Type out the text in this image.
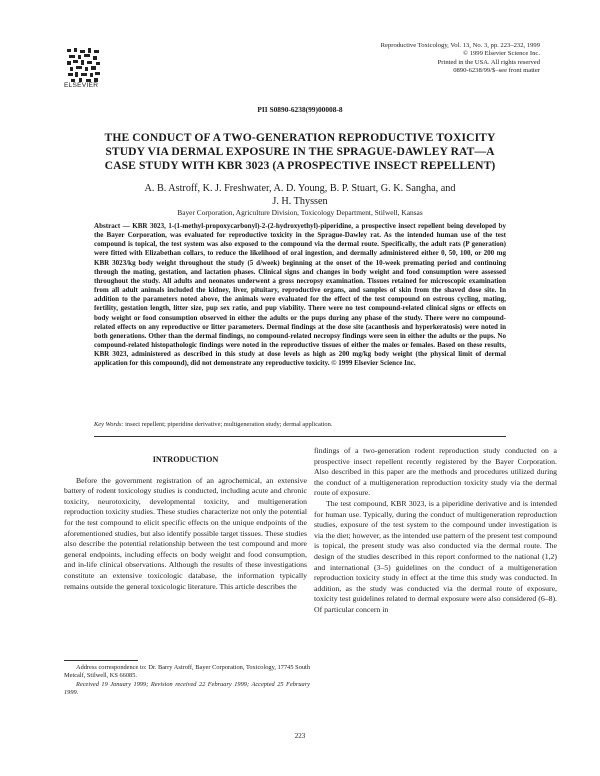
ELSEVIER
Reproductive Toxicology, Vol. 13, No. 3, pp. 223–232, 1999
© 1999 Elsevier Science Inc.
Printed in the USA. All rights reserved
0890-6238/99/$–see front matter
PII S0890-6238(99)00008-8
THE CONDUCT OF A TWO-GENERATION REPRODUCTIVE TOXICITY
STUDY VIA DERMAL EXPOSURE IN THE SPRAGUE-DAWLEY RAT—A
CASE STUDY WITH KBR 3023 (A PROSPECTIVE INSECT REPELLENT)
A. B. Astroff, K. J. Freshwater, A. D. Young, B. P. Stuart, G. K. Sangha, and
J. H. Thyssen
Bayer Corporation, Agriculture Division, Toxicology Department, Stilwell, Kansas
Abstract — KBR 3023, 1-(1-methyl-propoxycarbonyl)-2-(2-hydroxyethyl)-piperidine, a prospective insect repellent being developed by the Bayer Corporation, was evaluated for reproductive toxicity in the Sprague-Dawley rat. As the intended human use of the test compound is topical, the test system was also exposed to the compound via the dermal route. Specifically, the adult rats (P generation) were fitted with Elizabethan collars, to reduce the likelihood of oral ingestion, and dermally administered either 0, 50, 100, or 200 mg KBR 3023/kg body weight throughout the study (5 d/week) beginning at the onset of the 10-week premating period and continuing through the mating, gestation, and lactation phases. Clinical signs and changes in body weight and food consumption were assessed throughout the study. All adults and neonates underwent a gross necropsy examination. Tissues retained for microscopic examination from all adult animals included the kidney, liver, pituitary, reproductive organs, and samples of skin from the shaved dose site. In addition to the parameters noted above, the animals were evaluated for the effect of the test compound on estrous cycling, mating, fertility, gestation length, litter size, pup sex ratio, and pup viability. There were no test compound-related clinical signs or effects on body weight or food consumption observed in either the adults or the pups during any phase of the study. There were no compound-related effects on any reproductive or litter parameters. Dermal findings at the dose site (acanthosis and hyperkeratosis) were noted in both generations. Other than the dermal findings, no compound-related necropsy findings were seen in either the adults or the pups. No compound-related histopathologic findings were noted in the reproductive tissues of either the males or females. Based on these results, KBR 3023, administered as described in this study at dose levels as high as 200 mg/kg body weight (the physical limit of dermal application for this compound), did not demonstrate any reproductive toxicity. © 1999 Elsevier Science Inc.
Key Words: insect repellent; piperidine derivative; multigeneration study; dermal application.
INTRODUCTION

Before the government registration of an agrochemical, an extensive battery of rodent toxicology studies is conducted, including acute and chronic toxicity, neurotoxicity, developmental toxicity, and multigeneration reproduction toxicity studies. These studies characterize not only the potential for the test compound to elicit specific effects on the unique endpoints of the aforementioned studies, but also identify possible target tissues. These studies also describe the potential relationship between the test compound and more general endpoints, including effects on body weight and food consumption, and in-life clinical observations. Although the results of these investigations constitute an extensive toxicologic database, the information typically remains outside the general toxicologic literature. This article describes the

findings of a two-generation rodent reproduction study conducted on a prospective insect repellent recently registered by the Bayer Corporation. Also described in this paper are the methods and procedures utilized during the conduct of a multigeneration reproduction toxicity study via the dermal route of exposure.

The test compound, KBR 3023, is a piperidine derivative and is intended for human use. Typically, during the conduct of multigeneration reproduction studies, exposure of the test system to the compound under investigation is via the diet; however, as the intended use pattern of the present test compound is topical, the present study was also conducted via the dermal route. The design of the studies described in this report conformed to the national (1,2) and international (3–5) guidelines on the conduct of a multigeneration reproduction toxicity study in effect at the time this study was conducted. In addition, as the study was conducted via the dermal route of exposure, toxicity test guidelines related to dermal exposure were also considered (6–8). Of particular concern in

Address correspondence to: Dr. Barry Astroff, Bayer Corporation, Toxicology, 17745 South Metcalf, Stilwell, KS 66085.

Received 19 January 1999; Revision received 22 February 1999; Accepted 25 February 1999.

223
